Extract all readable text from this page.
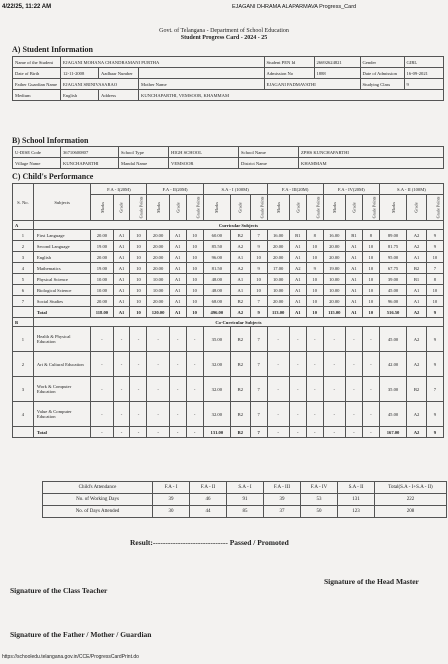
4/22/25, 11:22 AM	EJAGANI DHRAMA ALAPARMAVA Progress_Card
Govt. of Telangana - Department of School Education
Student Progress Card - 2024 - 25
A) Student Information
Name of the Student	EJAGANI MOHANA CHANDRAMANI PURTHA			Student PEN Id	26692624821	Gender	GIRL
Date of Birth	12-11-2008	Aadhaar Number		Admission No	1888	Date of Admission	16-09-2021
Father Guardian Name	EJAGANI SRINIVASARAO		Mother Name	EJAGANI PADMAVATHI		Studying Class	9
Medium	English	Address	KUNCHAPARTHI, VEMSOOR, KHAMMAM				
B) School Information
U-DISE Code	36710600807	School Type	HIGH SCHOOL	School Name	ZPHS KUNCHAPARTHI
Village Name	KUNCHAPARTHI	Mandal Name	VEMSOOR	District Name	KHAMMAM
C) Child's Performance
S. No.	Subjects	F.A - I(20M)			F.A - II(20M)			S.A - I (100M)			F.A - III(20M)			F.A - IV(20M)			S.A - II (100M)		
		Marks	Grade	Grade Points	Marks	Grade	Grade Points	Marks	Grade	Grade Points	Marks	Grade	Grade Points	Marks	Grade	Grade Points	Marks	Grade	Grade Points
A	Curricular Subjects																		
1	First Language	20.00	A1	10	20.00	A1	10	60.00	B2	7	16.00	B1	8	16.00	B1	8	89.00	A2	9
2	Second Language	19.00	A1	10	20.00	A1	10	85.50	A2	9	20.00	A1	10	20.00	A1	10	81.75	A2	9
3	English	20.00	A1	10	20.00	A1	10	96.00	A1	10	20.00	A1	10	20.00	A1	10	95.00	A1	10
4	Mathematics	19.00	A1	10	20.00	A1	10	81.50	A2	9	17.00	A2	9	19.00	A1	10	67.75	B2	7
5	Physical Science	10.00	A1	10	10.00	A1	10	48.00	A1	10	10.00	A1	10	10.00	A1	10	39.00	B1	8
6	Biological Science	10.00	A1	10	10.00	A1	10	48.00	A1	10	10.00	A1	10	10.00	A1	10	45.00	A1	10
7	Social Studies	20.00	A1	10	20.00	A1	10	68.00	B2	7	20.00	A1	10	20.00	A1	10	96.00	A1	10
	Total	118.00	A1	10	120.00	A1	10	496.00	A2	9	113.00	A1	10	115.00	A1	10	516.50	A2	9
B	Co-Curricular Subjects																		
1	Health & Physical Education	-	-	-	-	-	-	35.00	B2	7	-	-	-	-	-	-	45.00	A2	9
2	Art & Cultural Education	-	-	-	-	-	-	32.00	B2	7	-	-	-	-	-	-	42.00	A2	9
3	Work & Computer Education	-	-	-	-	-	-	32.00	B2	7	-	-	-	-	-	-	35.00	B2	7
4	Value & Computer Education	-	-	-	-	-	-	32.00	B2	7	-	-	-	-	-	-	45.00	A2	9
	Total	-	-	-	-	-	-	131.00	B2	7	-	-	-	-	-	-	167.00	A2	9
Child's Attendance	F.A - I	F.A - II	S.A - I	F.A - III	F.A - IV	S.A - II	Total(S.A - I+S.A - II)
No. of Working Days	39	46	91	39	53	131	222
No. of Days Attended	30	44	85	37	50	123	208
Result:------------------------------ Passed / Promoted
Signature of the Class Teacher
Signature of the Head Master
Signature of the Father / Mother / Guardian
https://schooledu.telangana.gov.in/CCE/ProgressCardPrint.do
